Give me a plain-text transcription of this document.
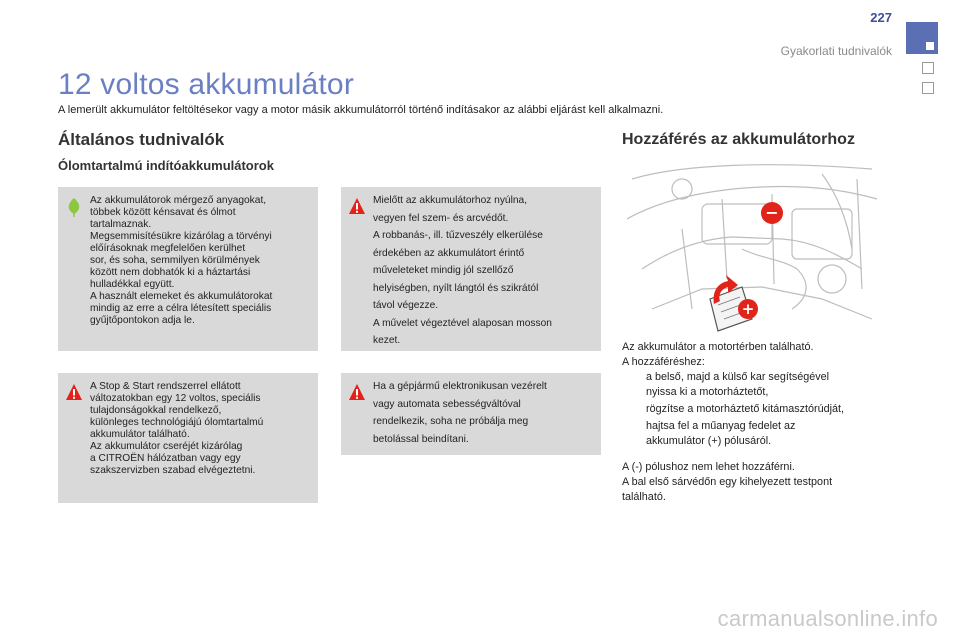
227
Gyakorlati tudnivalók
12 voltos akkumulátor
A lemerült akkumulátor feltöltésekor vagy a motor másik akkumulátorról történő indításakor az alábbi eljárást kell alkalmazni.
Általános tudnivalók
Ólomtartalmú indítóakkumulátorok
Az akkumulátorok mérgező anyagokat,
többek között kénsavat és ólmot
tartalmaznak.
Megsemmisítésükre kizárólag a törvényi
előírásoknak megfelelően kerülhet
sor, és soha, semmilyen körülmények
között nem dobhatók ki a háztartási
hulladékkal együtt.
A használt elemeket és akkumulátorokat
mindig az erre a célra létesített speciális
gyűjtőpontokon adja le.
Mielőtt az akkumulátorhoz nyúlna,
vegyen fel szem- és arcvédőt.
A robbanás-, ill. tűzveszély elkerülése
érdekében az akkumulátort érintő
műveleteket mindig jól szellőző
helyiségben, nyílt lángtól és szikrától
távol végezze.
A művelet végeztével alaposan mosson
kezet.
A Stop & Start rendszerrel ellátott
változatokban egy 12 voltos, speciális
tulajdonságokkal rendelkező,
különleges technológiájú ólomtartalmú
akkumulátor található.
Az akkumulátor cseréjét kizárólag
a CITROËN hálózatban vagy egy
szakszervizben szabad elvégeztetni.
Ha a gépjármű elektronikusan vezérelt
vagy automata sebességváltóval
rendelkezik, soha ne próbálja meg
betolással beindítani.
Hozzáférés az akkumulátorhoz
−
+
Az akkumulátor a motortérben található.
A hozzáféréshez:
a belső, majd a külső kar segítségével
nyissa ki a motorháztetőt,
rögzítse a motorháztető kitámasztórúdját,
hajtsa fel a műanyag fedelet az
akkumulátor (+) pólusáról.
A (-) pólushoz nem lehet hozzáférni.
A bal első sárvédőn egy kihelyezett testpont
található.
carmanualsonline.info
